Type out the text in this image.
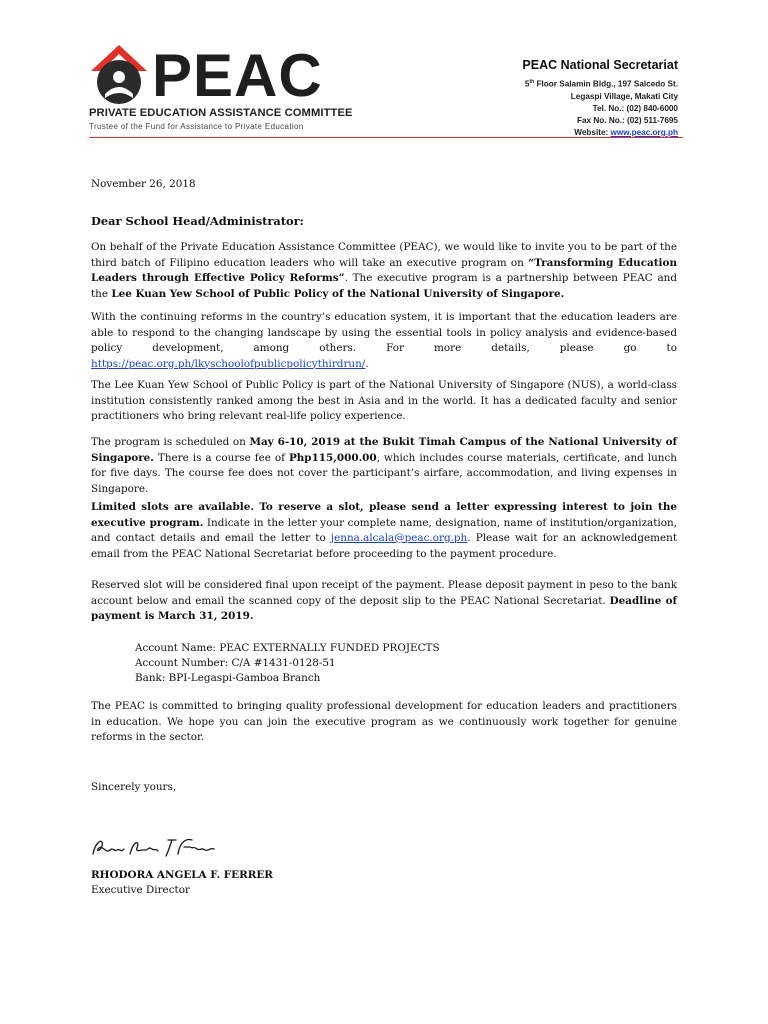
PEAC
PRIVATE EDUCATION ASSISTANCE COMMITTEE
Trustee of the Fund for Assistance to Private Education
PEAC National Secretariat
5th Floor Salamin Bldg., 197 Salcedo St.
Legaspi Village, Makati City
Tel. No.: (02) 840-6000
Fax No. No.: (02) 511-7695
Website: www.peac.org.ph
November 26, 2018
Dear School Head/Administrator:
On behalf of the Private Education Assistance Committee (PEAC), we would like to invite you to be part of the third batch of Filipino education leaders who will take an executive program on “Transforming Education Leaders through Effective Policy Reforms”. The executive program is a partnership between PEAC and the Lee Kuan Yew School of Public Policy of the National University of Singapore.
With the continuing reforms in the country’s education system, it is important that the education leaders are able to respond to the changing landscape by using the essential tools in policy analysis and evidence-based policy development, among others. For more details, please go to https://peac.org.ph/lkyschoolofpublicpolicythirdrun/.
The Lee Kuan Yew School of Public Policy is part of the National University of Singapore (NUS), a world-class institution consistently ranked among the best in Asia and in the world. It has a dedicated faculty and senior practitioners who bring relevant real-life policy experience.
The program is scheduled on May 6-10, 2019 at the Bukit Timah Campus of the National University of Singapore. There is a course fee of Php115,000.00, which includes course materials, certificate, and lunch for five days. The course fee does not cover the participant’s airfare, accommodation, and living expenses in Singapore.
Limited slots are available. To reserve a slot, please send a letter expressing interest to join the executive program. Indicate in the letter your complete name, designation, name of institution/organization, and contact details and email the letter to jenna.alcala@peac.org.ph. Please wait for an acknowledgement email from the PEAC National Secretariat before proceeding to the payment procedure.
Reserved slot will be considered final upon receipt of the payment. Please deposit payment in peso to the bank account below and email the scanned copy of the deposit slip to the PEAC National Secretariat. Deadline of payment is March 31, 2019.
Account Name: PEAC EXTERNALLY FUNDED PROJECTS
Account Number: C/A #1431-0128-51
Bank: BPI-Legaspi-Gamboa Branch
The PEAC is committed to bringing quality professional development for education leaders and practitioners in education. We hope you can join the executive program as we continuously work together for genuine reforms in the sector.
Sincerely yours,
RHODORA ANGELA F. FERRER
Executive Director
